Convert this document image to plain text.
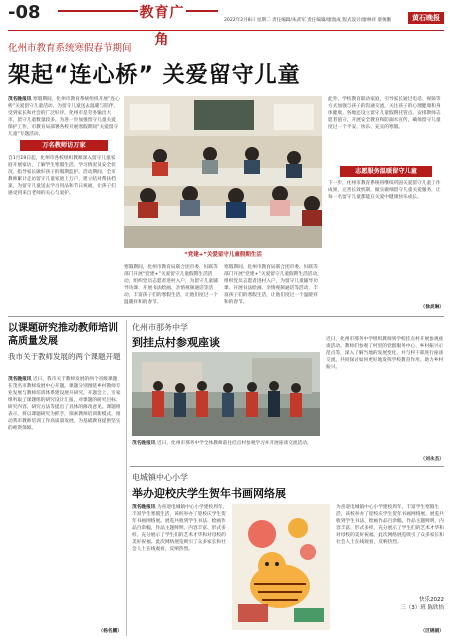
-08	教育广角
2022年2月8日 星期二 责任编辑/朱武军 责任编辑/廖敦成 版式设计/廖林祥 梁俊勤	黄石晚报
化州市教育系统寒假春节期间
架起“连心桥” 关爱留守儿童
茂名晚报讯 寒假期间，化州市教育系统组织开展“连心桥”关爱留守儿童活动，为留守儿童送去温暖与陪伴，受到家长和社会的广泛好评。化州市是劳务输出大市，留守儿童数量较多。为进一步加强留守儿童关爱保护工作，市教育局部署各校开展寒假期间“关爱留守儿童”专题活动。
万名教师访万家
自1月19日起，化州市各校组织教师深入留守儿童家庭开展家访，了解学生寒假生活、学习情况及安全状况，指导家长做好孩子的假期监护。活动期间，全市教师累计走访留守儿童家庭上万户，建立结对帮扶档案，为留守儿童送去学习用品和节日祝福，让孩子们感受到来自老师的关心与爱护。
“党建+”关爱留守儿童假期生活
寒假期间，化州市教育局联合团市委、妇联等部门开展“党建+”关爱留守儿童假期生活活动，组织党员志愿者进村入户，为留守儿童辅导功课、开展书法绘画、亲情视频通话等活动，丰富孩子们的寒假生活，让他们度过一个温暖祥和的春节。
寒假期间，化州市教育局联合团市委、妇联等部门开展“党建+”关爱留守儿童假期生活活动，组织党员志愿者进村入户，为留守儿童辅导功课、开展书法绘画、亲情视频通话等活动，丰富孩子们的寒假生活，让他们度过一个温暖祥和的春节。
此外，学校教育联动家庭，引导家长通过电话、视频等方式加强与孩子的沟通交流，关注孩子的心理健康和身体健康。各地还设立留守儿童假期托管点，安排教师志愿者值守，开展安全教育和防溺水宣传，确保留守儿童度过一个平安、快乐、充实的寒假。
志愿服务温暖留守儿童
下一步，化州市教育系统将继续巩固关爱留守儿童工作成果，完善长效机制，做实做细留守儿童关爱服务，让每一名留守儿童都能在关爱中健康快乐成长。
（徐炎琳）
以课题研究推动教师培训高质量发展
我市关于教师发展的两个课题开题
茂名晚报讯 近日，我市关于教师发展的两个省级课题在茂名市教师发展中心开题。课题分别围绕乡村教师专业发展与教师培训体系建设展开研究。开题会上，专家组听取了课题组的研究设计汇报，对课题的研究目标、研究内容、研究方法等提出了具体的修改意见。课题组表示，将以课题研究为抓手，探索教师培训新模式，推动我市教师培训工作高质量发展，为基础教育提供坚实的师资保障。
（杨名鹏）
化州市那务中学
到挂点村参观座谈
茂名晚报讯 近日，化州市那务中学全体教师前往挂点村参观学习并开展座谈交流活动。
近日，化州市那务中学组织教师到学校挂点村开展参观座谈活动。教师们参观了村里的党群服务中心、乡村振兴示范点等，深入了解当地的发展变化，并与村干部进行座谈交流，共同探讨如何更好地发挥学校教育作用，助力乡村振兴。
（刘永杰）
电城镇中心小学
举办迎校庆学生贺年书画网络展
茂名晚报讯 为喜迎电城镇中心小学建校周年，丰富学生寒假生活，该校举办了迎校庆学生贺年书画网络展。展览共收到学生书法、绘画作品百余幅，作品主题鲜明、内容丰富、形式多样，充分展示了学生们的艺术才华和对母校的美好祝福。此次网络展览吸引了众多家长和社会人士在线观看，反响热烈。
为喜迎电城镇中心小学建校周年，丰富学生寒假生活，该校举办了迎校庆学生贺年书画网络展。展览共收到学生书法、绘画作品百余幅，作品主题鲜明、内容丰富、形式多样，充分展示了学生们的艺术才华和对母校的美好祝福。此次网络展览吸引了众多家长和社会人士在线观看，反响热烈。
快乐2022
三（3）班 陈欣怡
（区锦娟）
